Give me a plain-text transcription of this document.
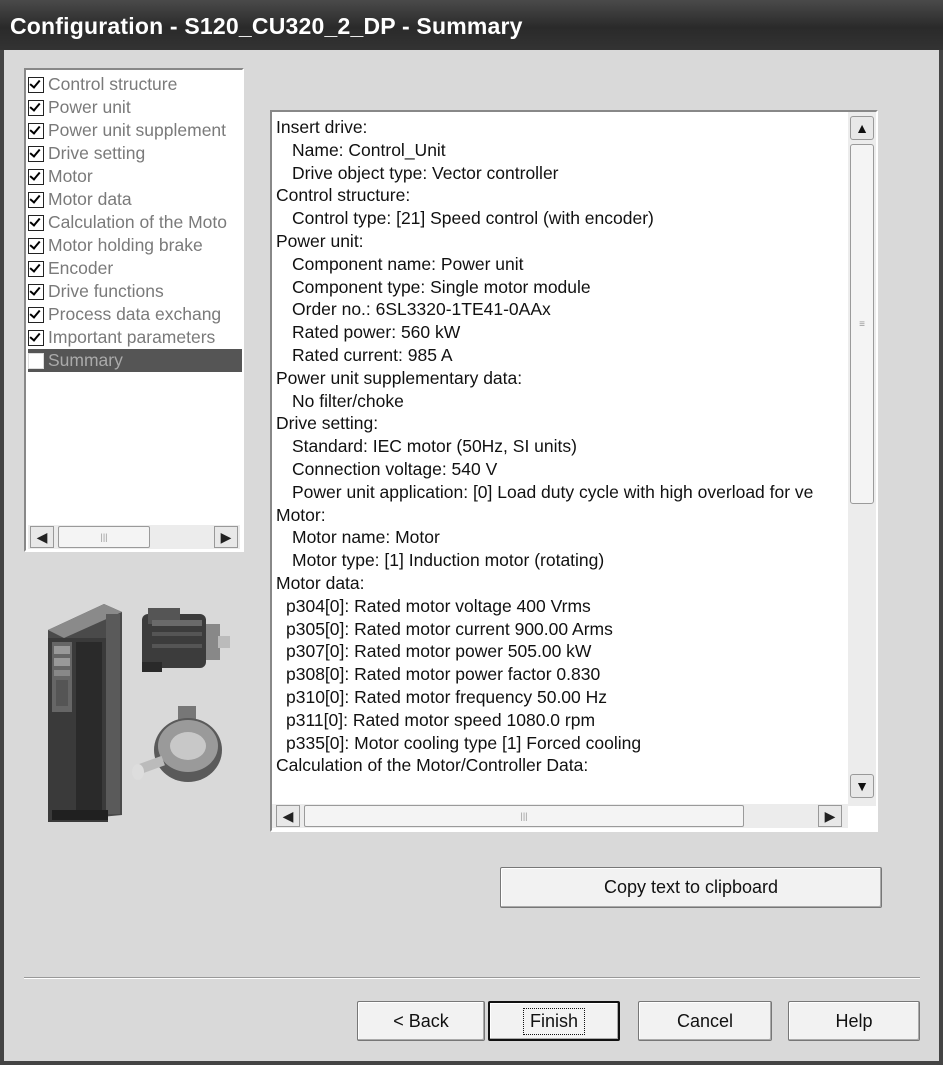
Configuration - S120_CU320_2_DP - Summary
Control structure
Power unit
Power unit supplement
Drive setting
Motor
Motor data
Calculation of the Moto
Motor holding brake
Encoder
Drive functions
Process data exchang
Important parameters
Summary
◀	|||	▶
Insert drive:
Name: Control_Unit
Drive object type: Vector controller
Control structure:
Control type: [21] Speed control (with encoder)
Power unit:
Component name: Power unit
Component type: Single motor module
Order no.: 6SL3320-1TE41-0AAx
Rated power: 560 kW
Rated current: 985 A
Power unit supplementary data:
No filter/choke
Drive setting:
Standard: IEC motor (50Hz, SI units)
Connection voltage: 540 V
Power unit application: [0] Load duty cycle with high overload for ve
Motor:
Motor name: Motor
Motor type: [1] Induction motor (rotating)
Motor data:
p304[0]: Rated motor voltage 400 Vrms
p305[0]: Rated motor current 900.00 Arms
p307[0]: Rated motor power 505.00 kW
p308[0]: Rated motor power factor 0.830
p310[0]: Rated motor frequency 50.00 Hz
p311[0]: Rated motor speed 1080.0 rpm
p335[0]: Motor cooling type [1] Forced cooling
Calculation of the Motor/Controller Data:
▲
≡
▼
◀	|||	▶
Copy text to clipboard
< Back	Finish	Cancel	Help
